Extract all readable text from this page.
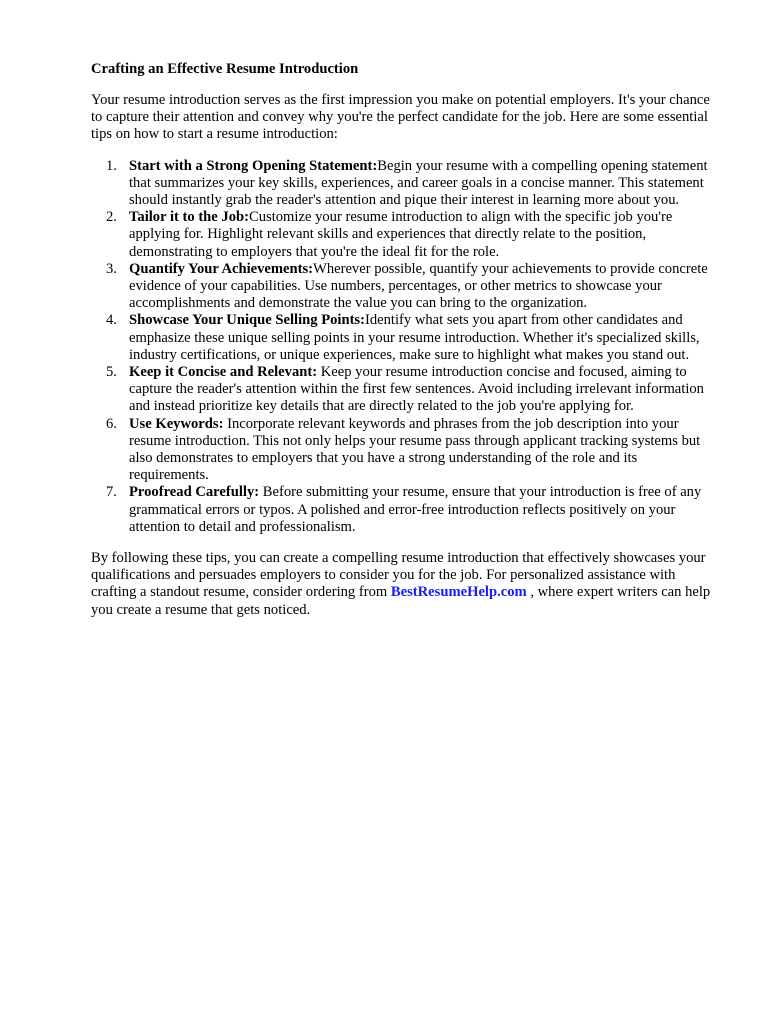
Crafting an Effective Resume Introduction

Your resume introduction serves as the first impression you make on potential employers. It's your chance to capture their attention and convey why you're the perfect candidate for the job. Here are some essential tips on how to start a resume introduction:

1. Start with a Strong Opening Statement:Begin your resume with a compelling opening statement that summarizes your key skills, experiences, and career goals in a concise manner. This statement should instantly grab the reader's attention and pique their interest in learning more about you.
2. Tailor it to the Job:Customize your resume introduction to align with the specific job you're applying for. Highlight relevant skills and experiences that directly relate to the position, demonstrating to employers that you're the ideal fit for the role.
3. Quantify Your Achievements:Wherever possible, quantify your achievements to provide concrete evidence of your capabilities. Use numbers, percentages, or other metrics to showcase your accomplishments and demonstrate the value you can bring to the organization.
4. Showcase Your Unique Selling Points:Identify what sets you apart from other candidates and emphasize these unique selling points in your resume introduction. Whether it's specialized skills, industry certifications, or unique experiences, make sure to highlight what makes you stand out.
5. Keep it Concise and Relevant: Keep your resume introduction concise and focused, aiming to capture the reader's attention within the first few sentences. Avoid including irrelevant information and instead prioritize key details that are directly related to the job you're applying for.
6. Use Keywords: Incorporate relevant keywords and phrases from the job description into your resume introduction. This not only helps your resume pass through applicant tracking systems but also demonstrates to employers that you have a strong understanding of the role and its requirements.
7. Proofread Carefully: Before submitting your resume, ensure that your introduction is free of any grammatical errors or typos. A polished and error-free introduction reflects positively on your attention to detail and professionalism.

By following these tips, you can create a compelling resume introduction that effectively showcases your qualifications and persuades employers to consider you for the job. For personalized assistance with crafting a standout resume, consider ordering from BestResumeHelp.com , where expert writers can help you create a resume that gets noticed.
